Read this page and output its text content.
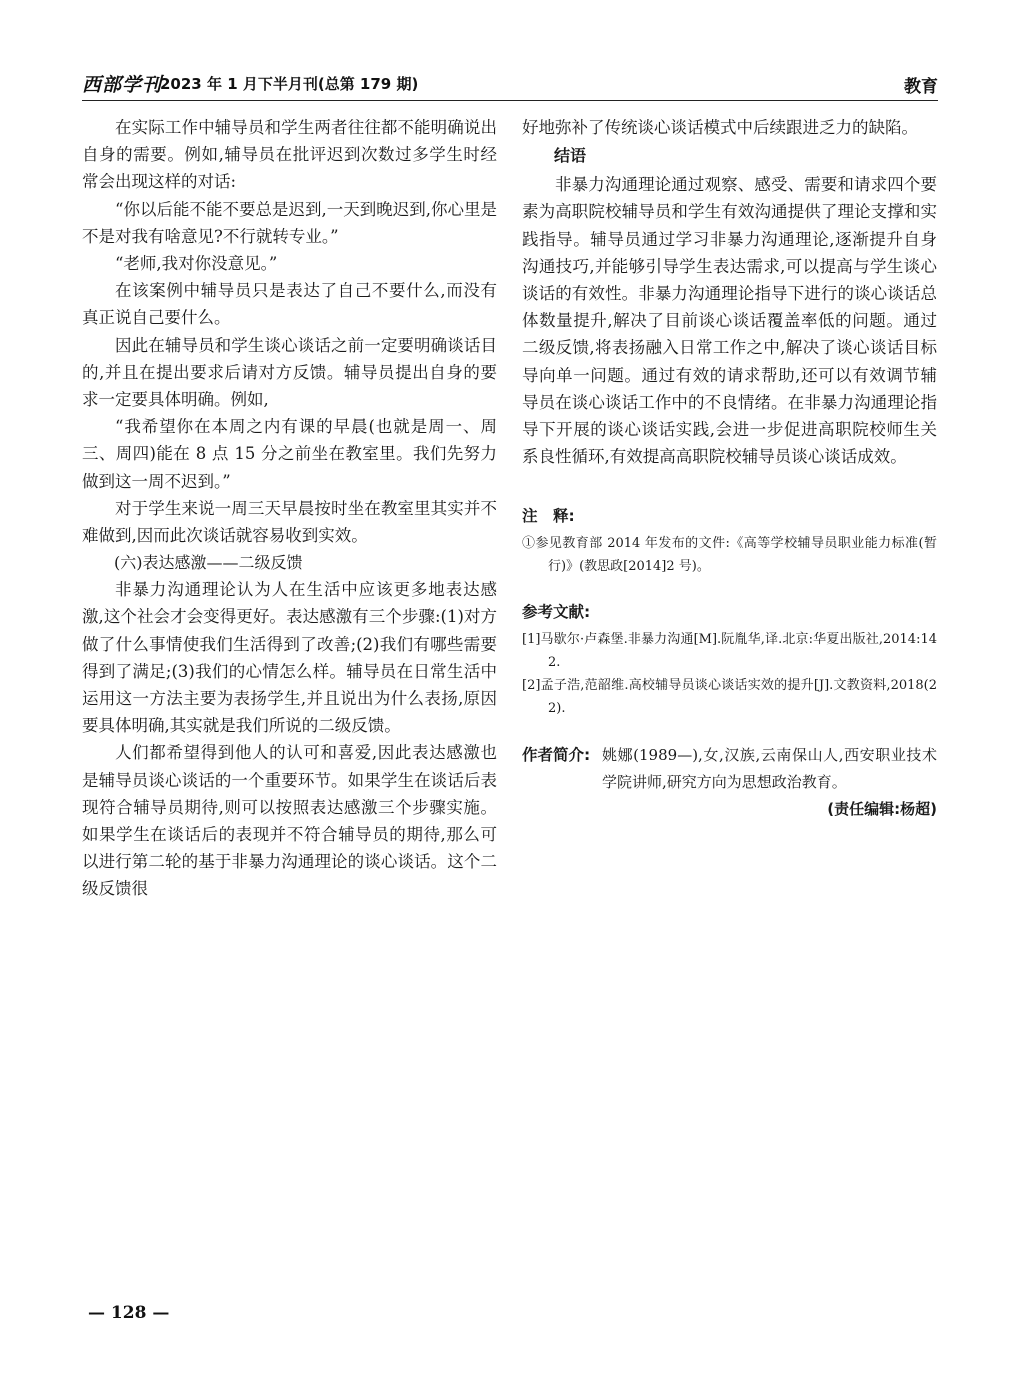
西部学刊
2023 年 1 月下半月刊(总第 179 期)	教育

在实际工作中辅导员和学生两者往往都不能明确说出自身的需要。例如,辅导员在批评迟到次数过多学生时经常会出现这样的对话:

“你以后能不能不要总是迟到,一天到晚迟到,你心里是不是对我有啥意见?不行就转专业。”

“老师,我对你没意见。”

在该案例中辅导员只是表达了自己不要什么,而没有真正说自己要什么。

因此在辅导员和学生谈心谈话之前一定要明确谈话目的,并且在提出要求后请对方反馈。辅导员提出自身的要求一定要具体明确。例如,

“我希望你在本周之内有课的早晨(也就是周一、周三、周四)能在 8 点 15 分之前坐在教室里。我们先努力做到这一周不迟到。”

对于学生来说一周三天早晨按时坐在教室里其实并不难做到,因而此次谈话就容易收到实效。

(六)表达感激——二级反馈

非暴力沟通理论认为人在生活中应该更多地表达感激,这个社会才会变得更好。表达感激有三个步骤:(1)对方做了什么事情使我们生活得到了改善;(2)我们有哪些需要得到了满足;(3)我们的心情怎么样。辅导员在日常生活中运用这一方法主要为表扬学生,并且说出为什么表扬,原因要具体明确,其实就是我们所说的二级反馈。

人们都希望得到他人的认可和喜爱,因此表达感激也是辅导员谈心谈话的一个重要环节。如果学生在谈话后表现符合辅导员期待,则可以按照表达感激三个步骤实施。如果学生在谈话后的表现并不符合辅导员的期待,那么可以进行第二轮的基于非暴力沟通理论的谈心谈话。这个二级反馈很

好地弥补了传统谈心谈话模式中后续跟进乏力的缺陷。

结语

非暴力沟通理论通过观察、感受、需要和请求四个要素为高职院校辅导员和学生有效沟通提供了理论支撑和实践指导。辅导员通过学习非暴力沟通理论,逐渐提升自身沟通技巧,并能够引导学生表达需求,可以提高与学生谈心谈话的有效性。非暴力沟通理论指导下进行的谈心谈话总体数量提升,解决了目前谈心谈话覆盖率低的问题。通过二级反馈,将表扬融入日常工作之中,解决了谈心谈话目标导向单一问题。通过有效的请求帮助,还可以有效调节辅导员在谈心谈话工作中的不良情绪。在非暴力沟通理论指导下开展的谈心谈话实践,会进一步促进高职院校师生关系良性循环,有效提高高职院校辅导员谈心谈话成效。

注　释:

①参见教育部 2014 年发布的文件:《高等学校辅导员职业能力标准(暂行)》(教思政[2014]2 号)。

参考文献:

[1]马歇尔·卢森堡.非暴力沟通[M].阮胤华,译.北京:华夏出版社,2014:142.

[2]孟子浩,范韶维.高校辅导员谈心谈话实效的提升[J].文教资料,2018(22).

作者简介: 姚娜(1989—),女,汉族,云南保山人,西安职业技术学院讲师,研究方向为思想政治教育。

(责任编辑:杨超)

— 128 —
